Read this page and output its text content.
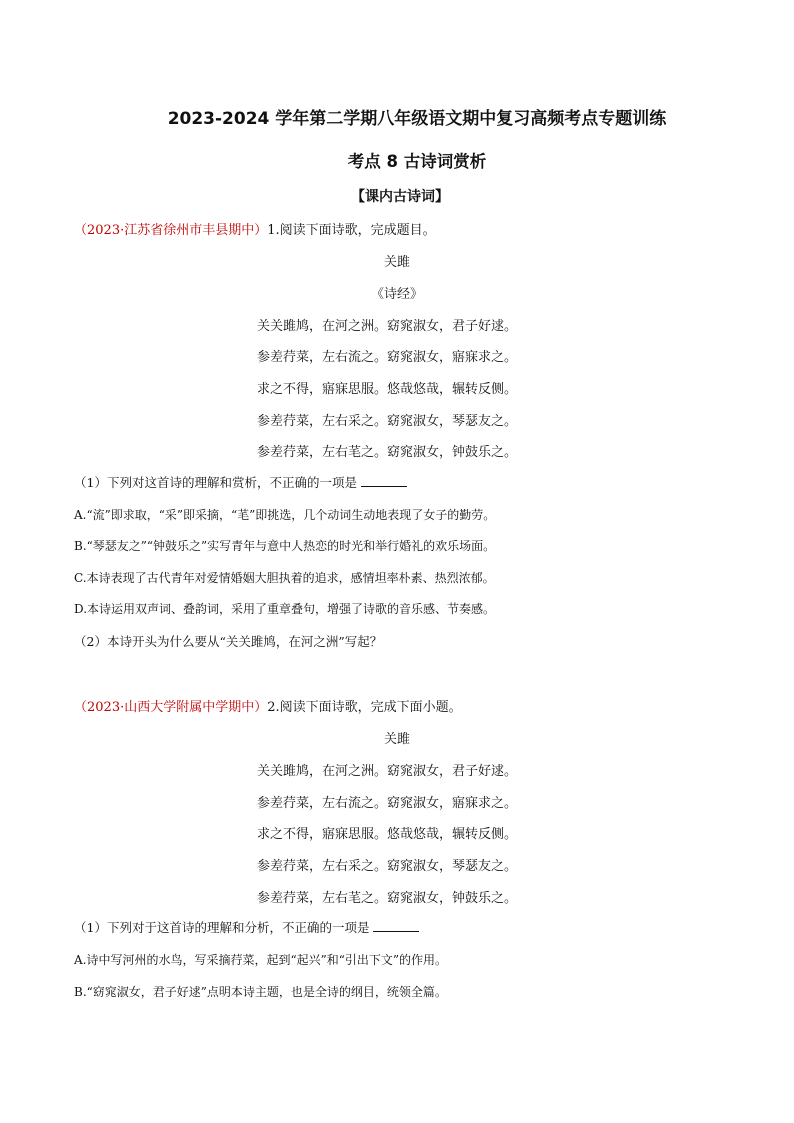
2023-2024 学年第二学期八年级语文期中复习高频考点专题训练
考点 8 古诗词赏析
【课内古诗词】
（2023·江苏省徐州市丰县期中）1.阅读下面诗歌，完成题目。
关雎
《诗经》
关关雎鸠，在河之洲。窈窕淑女，君子好逑。
参差荇菜，左右流之。窈窕淑女，寤寐求之。
求之不得，寤寐思服。悠哉悠哉，辗转反侧。
参差荇菜，左右采之。窈窕淑女，琴瑟友之。
参差荇菜，左右芼之。窈窕淑女，钟鼓乐之。
（1）下列对这首诗的理解和赏析，不正确的一项是
A.“流”即求取，“采”即采摘，“芼”即挑选，几个动词生动地表现了女子的勤劳。
B.“琴瑟友之”“钟鼓乐之”实写青年与意中人热恋的时光和举行婚礼的欢乐场面。
C.本诗表现了古代青年对爱情婚姻大胆执着的追求，感情坦率朴素、热烈浓郁。
D.本诗运用双声词、叠韵词，采用了重章叠句，增强了诗歌的音乐感、节奏感。
（2）本诗开头为什么要从“关关雎鸠，在河之洲”写起？
（2023·山西大学附属中学期中）2.阅读下面诗歌，完成下面小题。
关雎
关关雎鸠，在河之洲。窈窕淑女，君子好逑。
参差荇菜，左右流之。窈窕淑女，寤寐求之。
求之不得，寤寐思服。悠哉悠哉，辗转反侧。
参差荇菜，左右采之。窈窕淑女，琴瑟友之。
参差荇菜，左右芼之。窈窕淑女，钟鼓乐之。
（1）下列对于这首诗的理解和分析，不正确的一项是
A.诗中写河州的水鸟，写采摘荇菜，起到“起兴”和“引出下文”的作用。
B.“窈窕淑女，君子好逑”点明本诗主题，也是全诗的纲目，统领全篇。
